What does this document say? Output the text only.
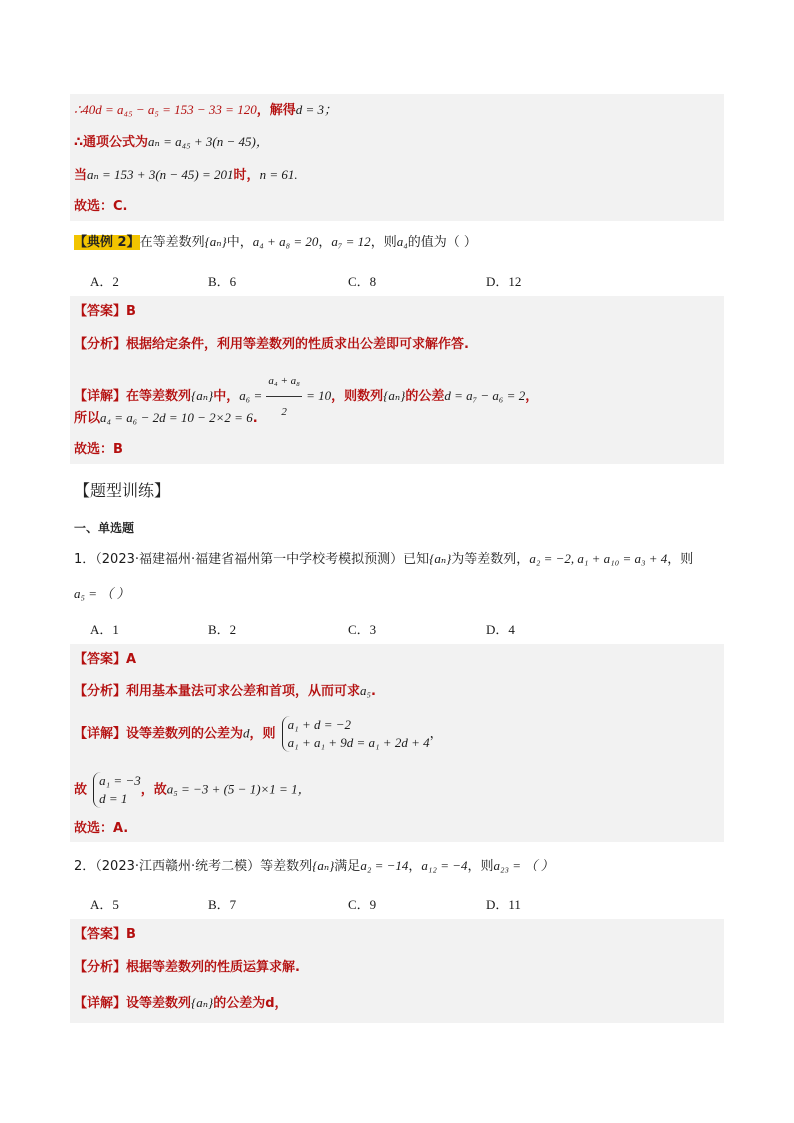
∴40d = a₄₅ − a₅ = 153 − 33 = 120，解得d = 3；
∴通项公式为aₙ = a₄₅ + 3(n − 45)，
当aₙ = 153 + 3(n − 45) = 201时，n = 61.
故选：C.
【典例 2】在等差数列{aₙ}中，a₄ + a₈ = 20，a₇ = 12，则a₄的值为（ ）
A．2	B．6	C．8	D．12
【答案】B
【分析】根据给定条件，利用等差数列的性质求出公差即可求解作答.
【详解】在等差数列{aₙ}中，$a_6 = \frac{\text{a₄ + a₈}}{2} = 10$，则数列{aₙ}的公差d = a₇ − a₆ = 2，
所以a₄ = a₆ − 2d = 10 − 2×2 = 6.
故选：B
【题型训练】
一、单选题
1．（2023·福建福州·福建省福州第一中学校考模拟预测）已知{aₙ}为等差数列，a₂ = −2, a₁ + a₁₀ = a₃ + 4，则
a₅ = （ ）
A．1	B．2	C．3	D．4
【答案】A
【分析】利用基本量法可求公差和首项，从而可求a₅.
【详解】设等差数列的公差为d，则
a₁ + d = −2
a₁ + a₁ + 9d = a₁ + 2d + 4
，
故
a₁ = −3
d = 1
，故a₅ = −3 + (5 − 1)×1 = 1，
故选：A.
2．（2023·江西赣州·统考二模）等差数列{aₙ}满足a₂ = −14，a₁₂ = −4，则a₂₃ = （ ）
A．5	B．7	C．9	D．11
【答案】B
【分析】根据等差数列的性质运算求解.
【详解】设等差数列{aₙ}的公差为d，
